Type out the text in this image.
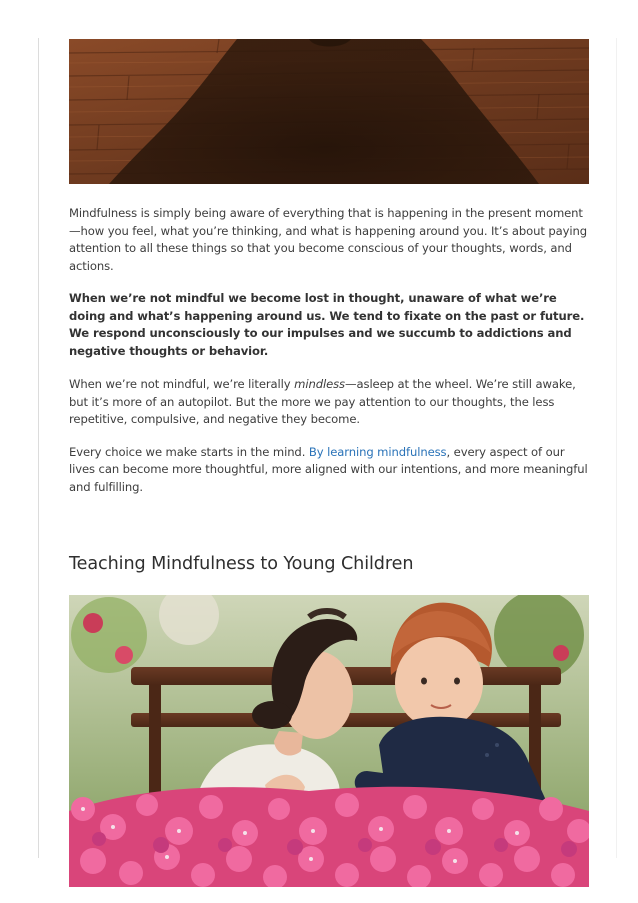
Mindfulness is simply being aware of everything that is happening in the present moment—how you feel, what you’re thinking, and what is happening around you. It’s about paying attention to all these things so that you become conscious of your thoughts, words, and actions.

When we’re not mindful we become lost in thought, unaware of what we’re doing and what’s happening around us. We tend to fixate on the past or future. We respond unconsciously to our impulses and we succumb to addictions and negative thoughts or behavior.

When we’re not mindful, we’re literally mindless—asleep at the wheel. We’re still awake, but it’s more of an autopilot. But the more we pay attention to our thoughts, the less repetitive, compulsive, and negative they become.

Every choice we make starts in the mind. By learning mindfulness, every aspect of our lives can become more thoughtful, more aligned with our intentions, and more meaningful and fulfilling.

Teaching Mindfulness to Young Children
